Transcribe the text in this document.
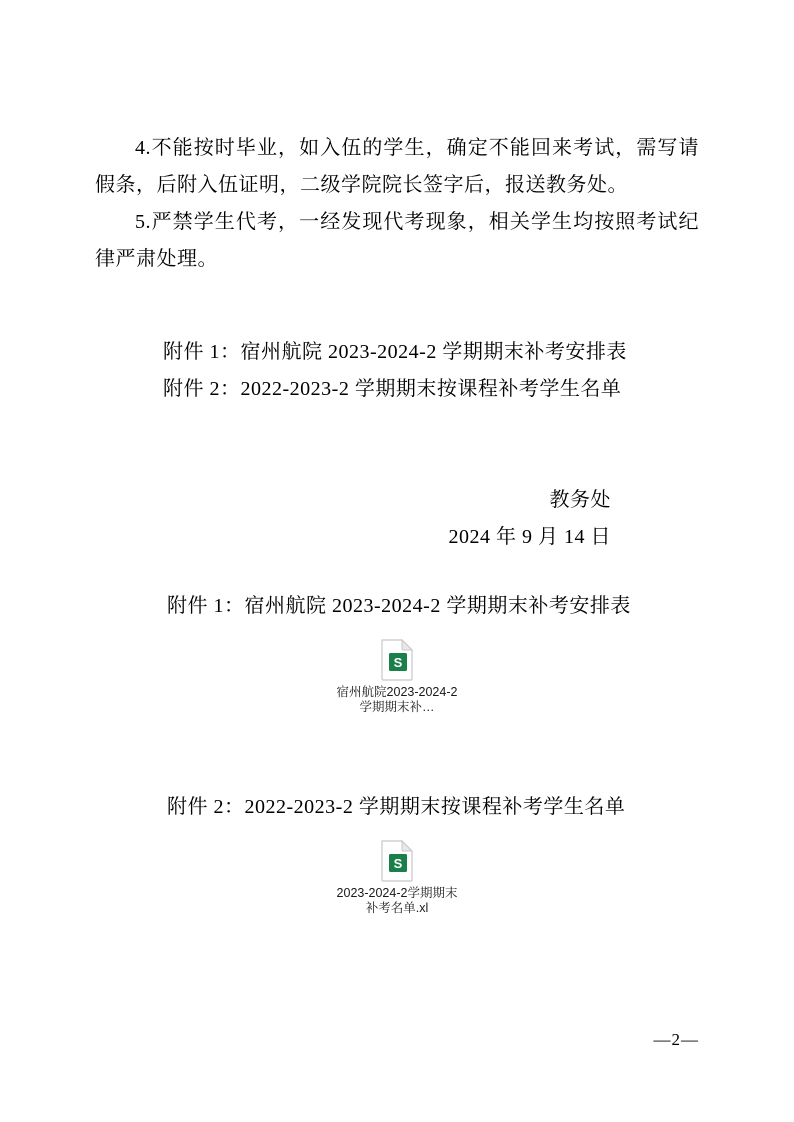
4.不能按时毕业，如入伍的学生，确定不能回来考试，需写请假条，后附入伍证明，二级学院院长签字后，报送教务处。

5.严禁学生代考，一经发现代考现象，相关学生均按照考试纪律严肃处理。

附件 1：宿州航院 2023-2024-2 学期期末补考安排表

附件 2：2022-2023-2 学期期末按课程补考学生名单

教务处

2024 年 9 月 14 日

附件 1：宿州航院 2023-2024-2 学期期末补考安排表

S
宿州航院2023-2024-2学期期末补…

附件 2：2022-2023-2 学期期末按课程补考学生名单

S
2023-2024-2学期期末补考名单.xl
—2—
